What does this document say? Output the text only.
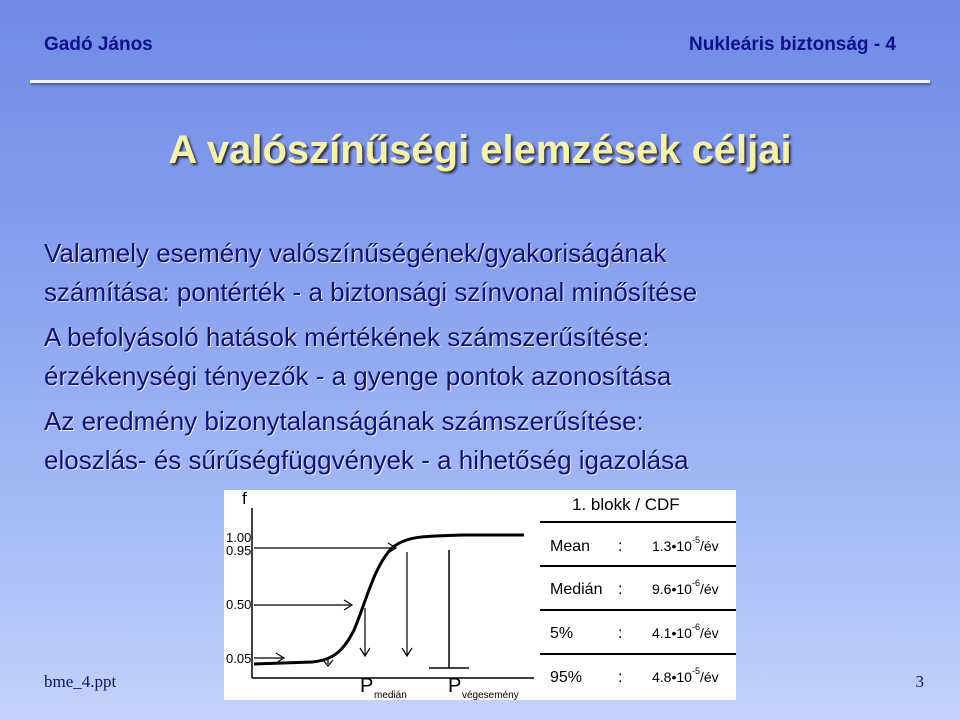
Gadó János	Nukleáris biztonság - 4
A valószínűségi elemzések céljai

Valamely esemény valószínűségének/gyakoriságának

számítása: pontérték - a biztonsági színvonal minősítése

A befolyásoló hatások mértékének számszerűsítése:

érzékenységi tényezők - a gyenge pontok azonosítása

Az eredmény bizonytalanságának számszerűsítése:

eloszlás- és sűrűségfüggvények - a hihetőség igazolása

f
1.00
0.95
0.50
0.05
P medián P végesemény
1. blokk / CDF
Mean : $1.3•10^{-5}/év$
Medián : $9.6•10^{-6}/év$
5%	: $4.1•10^{-6}/év$
95% : $4.8•10^{-5}/év$
bme_4.ppt	3
